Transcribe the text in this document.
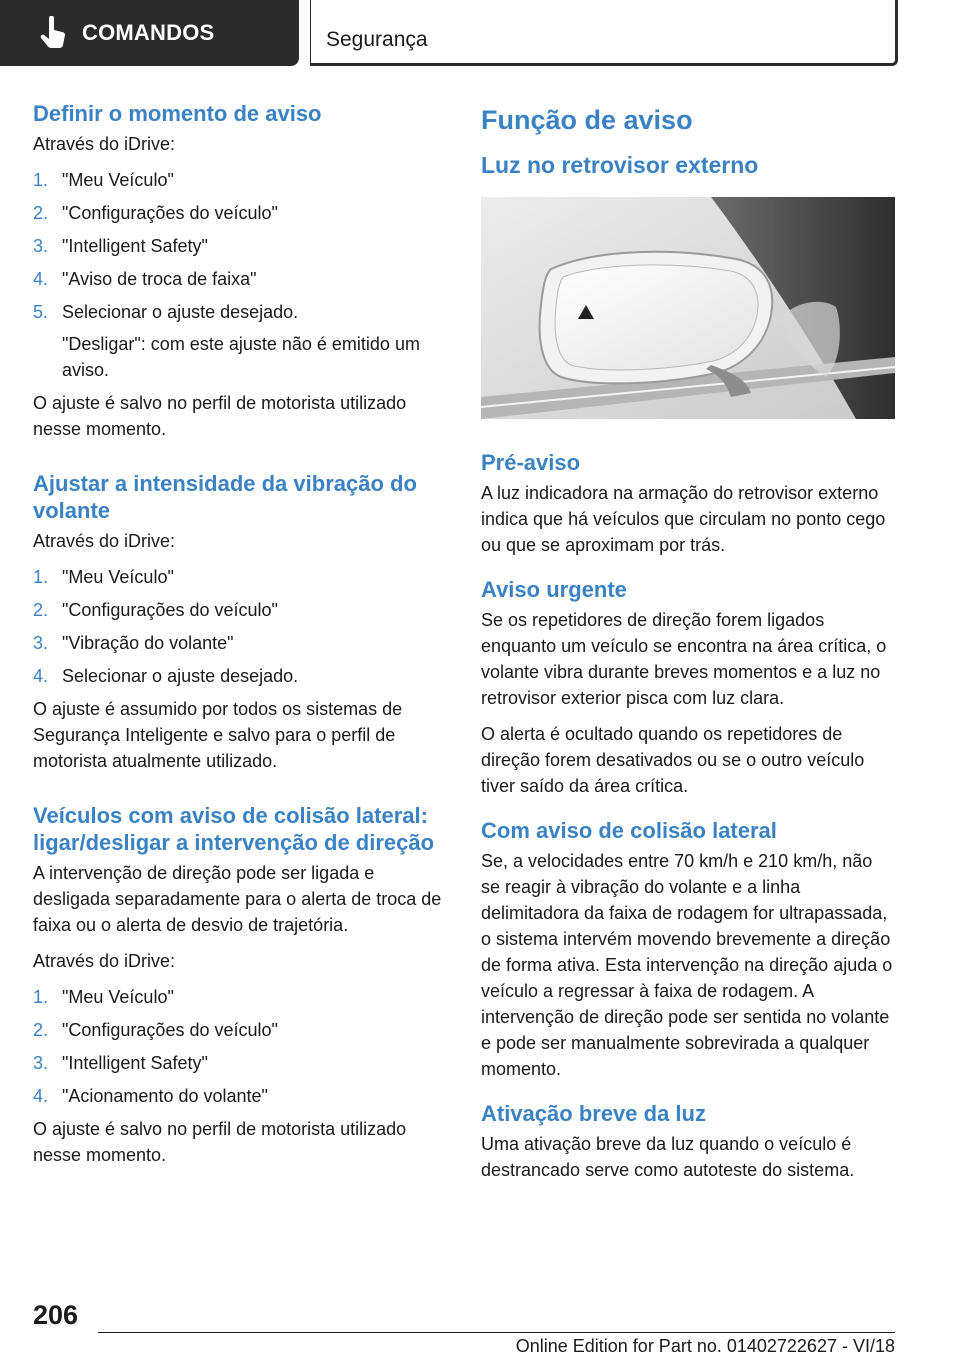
COMANDOS	Segurança
Definir o momento de aviso

Através do iDrive:

1. "Meu Veículo"
2. "Configurações do veículo"
3. "Intelligent Safety"
4. "Aviso de troca de faixa"
5. Selecionar o ajuste desejado.
"Desligar": com este ajuste não é emitido um aviso.

O ajuste é salvo no perfil de motorista utilizado nesse momento.

Ajustar a intensidade da vibração do volante

Através do iDrive:

1. "Meu Veículo"
2. "Configurações do veículo"
3. "Vibração do volante"
4. Selecionar o ajuste desejado.

O ajuste é assumido por todos os sistemas de Segurança Inteligente e salvo para o perfil de motorista atualmente utilizado.

Veículos com aviso de colisão lateral: ligar/desligar a intervenção de direção

A intervenção de direção pode ser ligada e desligada separadamente para o alerta de troca de faixa ou o alerta de desvio de trajetória.

Através do iDrive:

1. "Meu Veículo"
2. "Configurações do veículo"
3. "Intelligent Safety"
4. "Acionamento do volante"

O ajuste é salvo no perfil de motorista utilizado nesse momento.

Função de aviso
Luz no retrovisor externo
Pré-aviso

A luz indicadora na armação do retrovisor externo indica que há veículos que circulam no ponto cego ou que se aproximam por trás.

Aviso urgente

Se os repetidores de direção forem ligados enquanto um veículo se encontra na área crítica, o volante vibra durante breves momentos e a luz no retrovisor exterior pisca com luz clara.

O alerta é ocultado quando os repetidores de direção forem desativados ou se o outro veículo tiver saído da área crítica.

Com aviso de colisão lateral

Se, a velocidades entre 70 km/h e 210 km/h, não se reagir à vibração do volante e a linha delimitadora da faixa de rodagem for ultrapassada, o sistema intervém movendo brevemente a direção de forma ativa. Esta intervenção na direção ajuda o veículo a regressar à faixa de rodagem. A intervenção de direção pode ser sentida no volante e pode ser manualmente sobrevirada a qualquer momento.

Ativação breve da luz

Uma ativação breve da luz quando o veículo é destrancado serve como autoteste do sistema.

206
Online Edition for Part no. 01402722627 - VI/18
